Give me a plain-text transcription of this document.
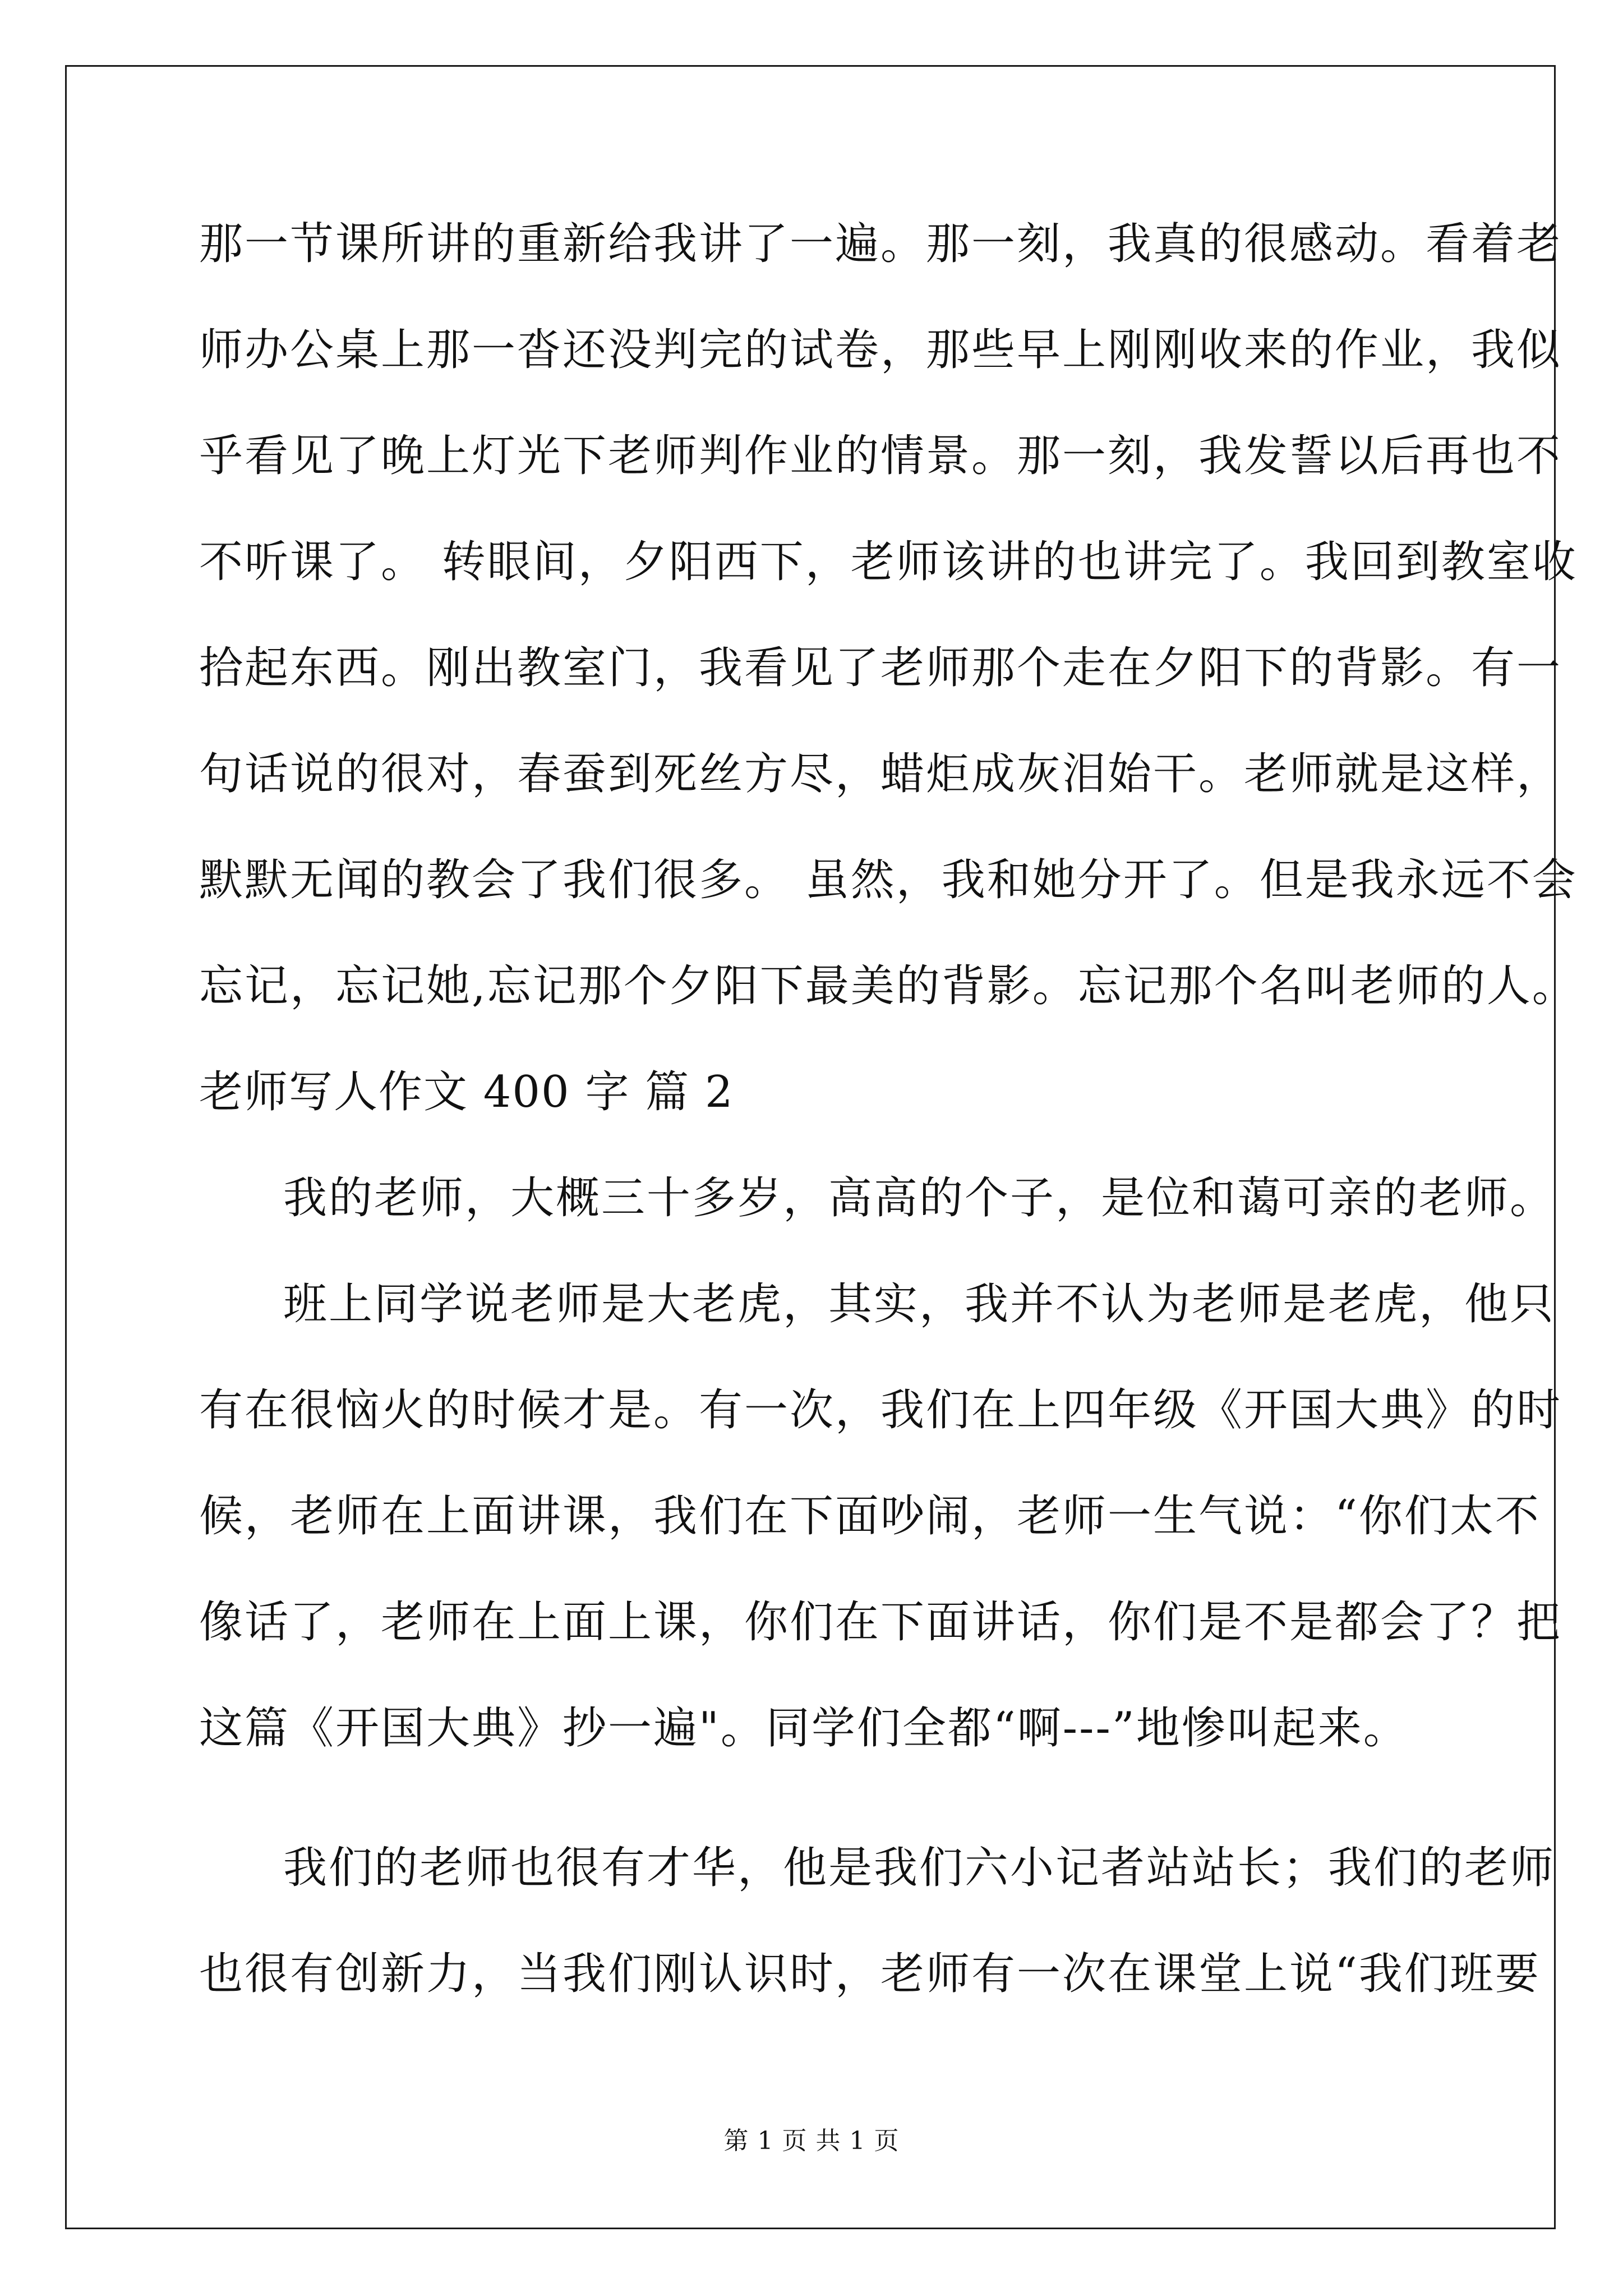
那一节课所讲的重新给我讲了一遍。那一刻，我真的很感动。看着老
师办公桌上那一沓还没判完的试卷，那些早上刚刚收来的作业，我似
乎看见了晚上灯光下老师判作业的情景。那一刻，我发誓以后再也不
不听课了。 转眼间，夕阳西下，老师该讲的也讲完了。我回到教室收
拾起东西。刚出教室门，我看见了老师那个走在夕阳下的背影。有一
句话说的很对，春蚕到死丝方尽，蜡炬成灰泪始干。老师就是这样，
默默无闻的教会了我们很多。 虽然，我和她分开了。但是我永远不会
忘记，忘记她,忘记那个夕阳下最美的背影。忘记那个名叫老师的人。
老师写人作文 400 字 篇 2
我的老师，大概三十多岁，高高的个子，是位和蔼可亲的老师。
班上同学说老师是大老虎，其实，我并不认为老师是老虎，他只
有在很恼火的时候才是。有一次，我们在上四年级《开国大典》的时
候，老师在上面讲课，我们在下面吵闹，老师一生气说：“你们太不
像话了，老师在上面上课，你们在下面讲话，你们是不是都会了？把
这篇《开国大典》抄一遍"。同学们全都“啊---”地惨叫起来。
我们的老师也很有才华，他是我们六小记者站站长；我们的老师
也很有创新力，当我们刚认识时，老师有一次在课堂上说“我们班要
第 1 页 共 1 页
